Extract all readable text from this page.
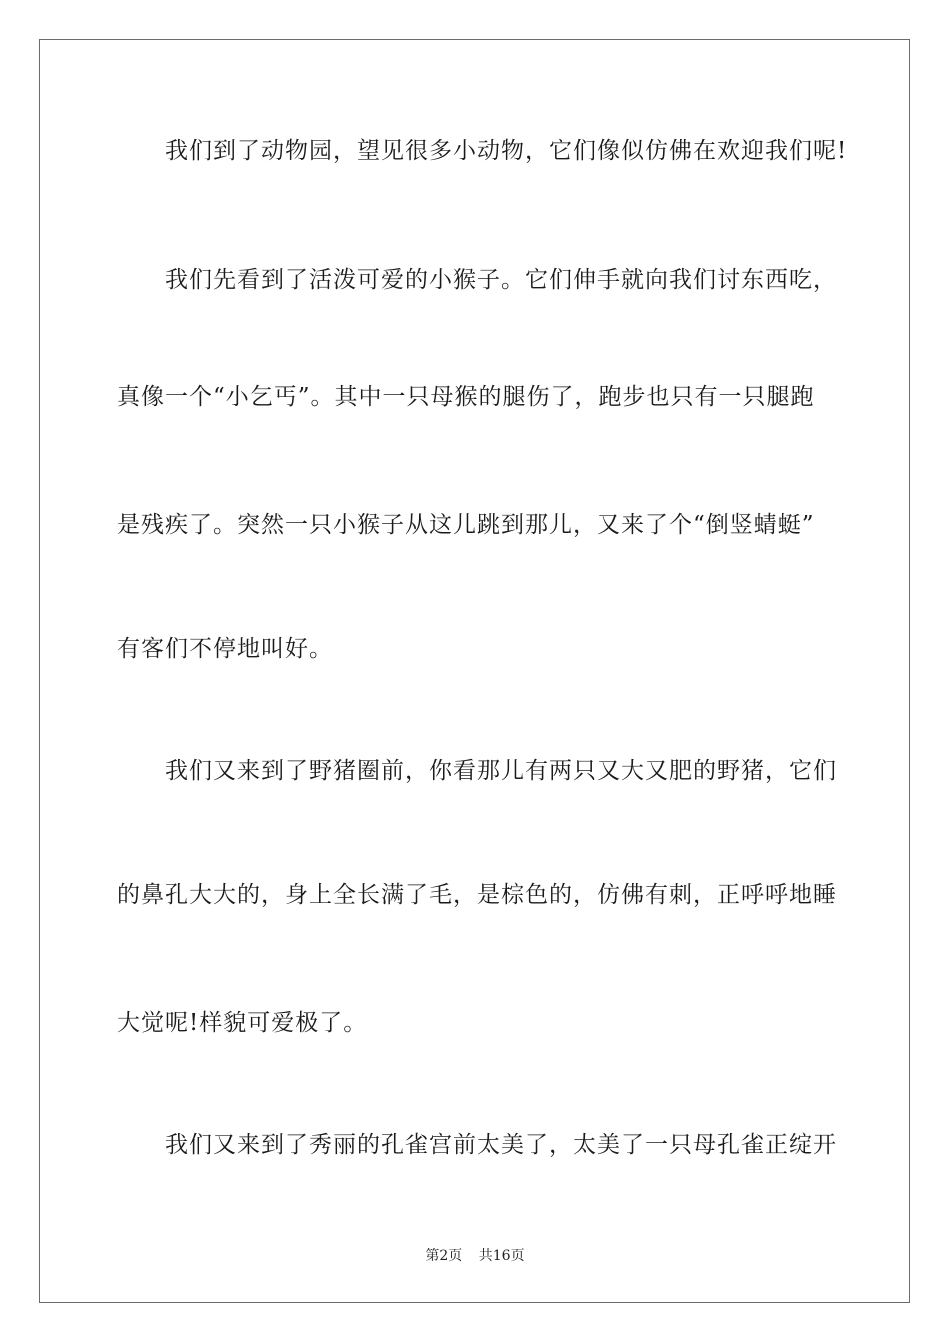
我们到了动物园，望见很多小动物，它们像似仿佛在欢迎我们呢!
我们先看到了活泼可爱的小猴子。它们伸手就向我们讨东西吃，
真像一个“小乞丐”。其中一只母猴的腿伤了，跑步也只有一只腿跑
是残疾了。突然一只小猴子从这儿跳到那儿，又来了个“倒竖蜻蜓”
有客们不停地叫好。
我们又来到了野猪圈前，你看那儿有两只又大又肥的野猪，它们
的鼻孔大大的，身上全长满了毛，是棕色的，仿佛有刺，正呼呼地睡
大觉呢!样貌可爱极了。
我们又来到了秀丽的孔雀宫前太美了，太美了一只母孔雀正绽开
第2页 共16页
